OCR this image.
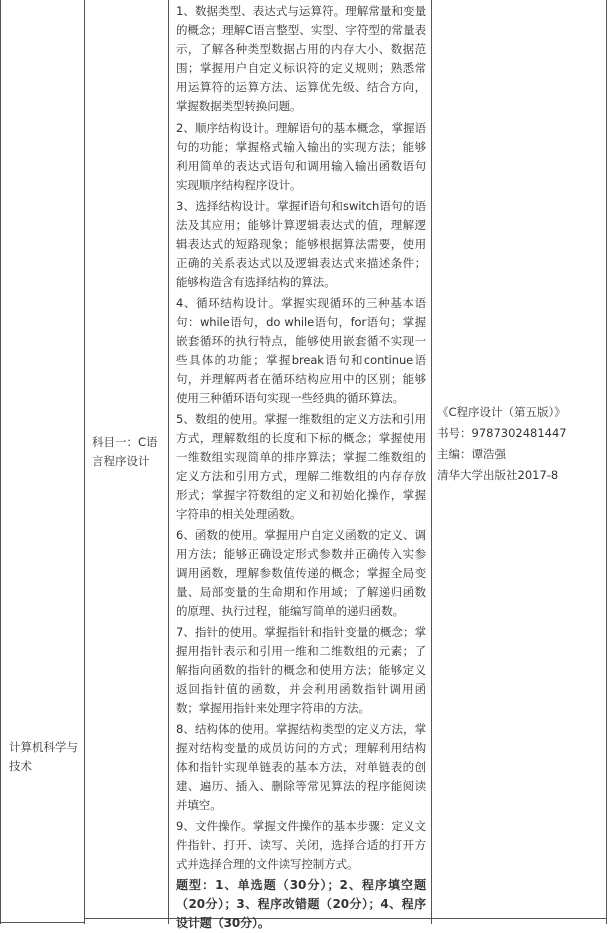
计算机科学与技术
科目一：C语言程序设计

1、数据类型、表达式与运算符。理解常量和变量的概念；理解C语言整型、实型、字符型的常量表示，了解各种类型数据占用的内存大小、数据范围；掌握用户自定义标识符的定义规则；熟悉常用运算符的运算方法、运算优先级、结合方向，掌握数据类型转换问题。

2、顺序结构设计。理解语句的基本概念，掌握语句的功能；掌握格式输入输出的实现方法；能够利用简单的表达式语句和调用输入输出函数语句实现顺序结构程序设计。

3、选择结构设计。掌握if语句和switch语句的语法及其应用；能够计算逻辑表达式的值，理解逻辑表达式的短路现象；能够根据算法需要，使用正确的关系表达式以及逻辑表达式来描述条件；能够构造含有选择结构的算法。

4、循环结构设计。掌握实现循环的三种基本语句：while语句，do while语句，for语句；掌握嵌套循环的执行特点，能够使用嵌套循不实现一些具体的功能；掌握break语句和continue语句，并理解两者在循环结构应用中的区别；能够使用三种循环语句实现一些经典的循环算法。

5、数组的使用。掌握一维数组的定义方法和引用方式，理解数组的长度和下标的概念；掌握使用一维数组实现简单的排序算法；掌握二维数组的定义方法和引用方式，理解二维数组的内存存放形式；掌握字符数组的定义和初始化操作，掌握字符串的相关处理函数。

6、函数的使用。掌握用户自定义函数的定义、调用方法；能够正确设定形式参数并正确传入实参调用函数，理解参数值传递的概念；掌握全局变量、局部变量的生命期和作用域；了解递归函数的原理、执行过程，能编写简单的递归函数。

7、指针的使用。掌握指针和指针变量的概念；掌握用指针表示和引用一维和二维数组的元素；了解指向函数的指针的概念和使用方法；能够定义返回指针值的函数，并会利用函数指针调用函数；掌握用指针来处理字符串的方法。

8、结构体的使用。掌握结构类型的定义方法，掌握对结构变量的成员访问的方式；理解利用结构体和指针实现单链表的基本方法，对单链表的创建、遍历、插入、删除等常见算法的程序能阅读并填空。

9、文件操作。掌握文件操作的基本步骤：定义文件指针、打开、读写、关闭，选择合适的打开方式并选择合理的文件读写控制方式。

题型：1、单选题（30分）；2、程序填空题（20分）；3、程序改错题（20分）；4、程序设计题（30分）。

《C程序设计（第五版）》
书号：9787302481447
主编：谭浩强
清华大学出版社2017-8
